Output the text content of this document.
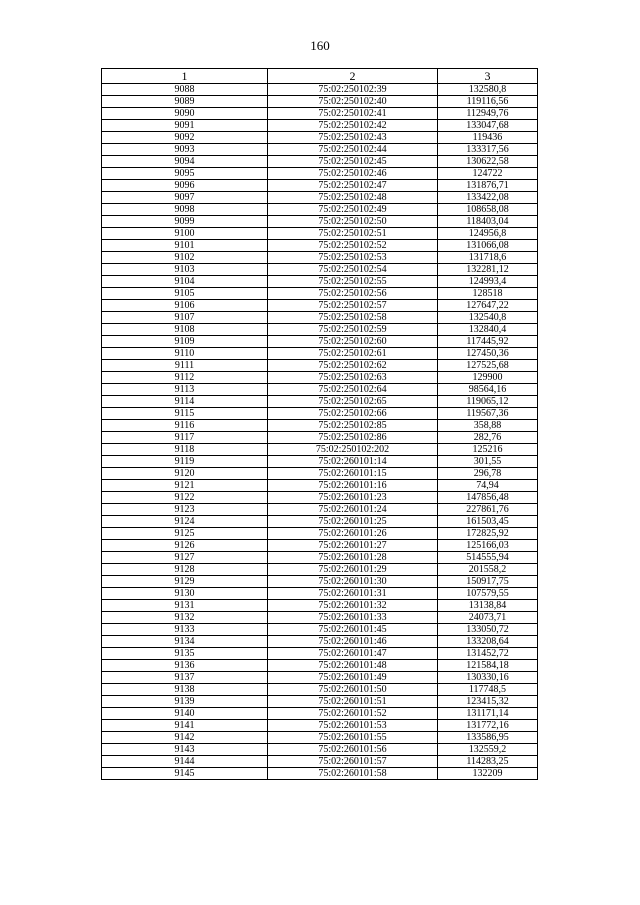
160
1	2	3
9088	75:02:250102:39	132580,8
9089	75:02:250102:40	119116,56
9090	75:02:250102:41	112949,76
9091	75:02:250102:42	133047,68
9092	75:02:250102:43	119436
9093	75:02:250102:44	133317,56
9094	75:02:250102:45	130622,58
9095	75:02:250102:46	124722
9096	75:02:250102:47	131876,71
9097	75:02:250102:48	133422,08
9098	75:02:250102:49	108658,08
9099	75:02:250102:50	118403,04
9100	75:02:250102:51	124956,8
9101	75:02:250102:52	131066,08
9102	75:02:250102:53	131718,6
9103	75:02:250102:54	132281,12
9104	75:02:250102:55	124993,4
9105	75:02:250102:56	128518
9106	75:02:250102:57	127647,22
9107	75:02:250102:58	132540,8
9108	75:02:250102:59	132840,4
9109	75:02:250102:60	117445,92
9110	75:02:250102:61	127450,36
9111	75:02:250102:62	127525,68
9112	75:02:250102:63	129900
9113	75:02:250102:64	98564,16
9114	75:02:250102:65	119065,12
9115	75:02:250102:66	119567,36
9116	75:02:250102:85	358,88
9117	75:02:250102:86	282,76
9118	75:02:250102:202	125216
9119	75:02:260101:14	301,55
9120	75:02:260101:15	296,78
9121	75:02:260101:16	74,94
9122	75:02:260101:23	147856,48
9123	75:02:260101:24	227861,76
9124	75:02:260101:25	161503,45
9125	75:02:260101:26	172825,92
9126	75:02:260101:27	125166,03
9127	75:02:260101:28	514555,94
9128	75:02:260101:29	201558,2
9129	75:02:260101:30	150917,75
9130	75:02:260101:31	107579,55
9131	75:02:260101:32	13138,84
9132	75:02:260101:33	24073,71
9133	75:02:260101:45	133050,72
9134	75:02:260101:46	133208,64
9135	75:02:260101:47	131452,72
9136	75:02:260101:48	121584,18
9137	75:02:260101:49	130330,16
9138	75:02:260101:50	117748,5
9139	75:02:260101:51	123415,32
9140	75:02:260101:52	131171,14
9141	75:02:260101:53	131772,16
9142	75:02:260101:55	133586,95
9143	75:02:260101:56	132559,2
9144	75:02:260101:57	114283,25
9145	75:02:260101:58	132209
